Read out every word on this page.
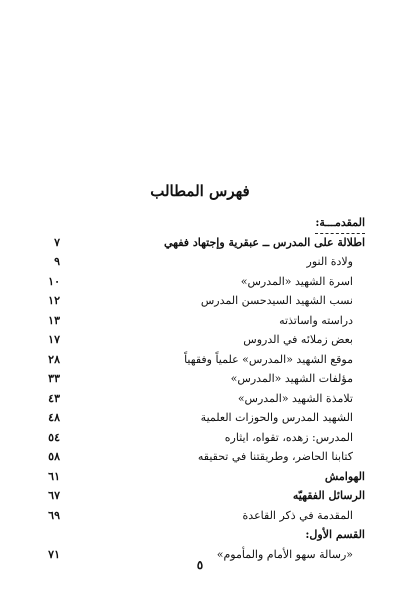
فهرس المطالب
المقدمـــة:
اطلالة على المدرس ــ عبقرية وإجتهاد ففهي
٧
ولادة النور
٩
اسرة الشهيد «المدرس»
١٠
نسب الشهيد السيدحسن المدرس
١٢
دراسته واساتذته
١٣
بعض زملائه في الدروس
١٧
موقع الشهيد «المدرس» علمياً وفقهياً
٢٨
مؤلفات الشهيد «المدرس»
٣٣
تلامذة الشهيد «المدرس»
٤٣
الشهيد المدرس والحوزات العلمية
٤٨
المدرس: زهده، تقواه، ايثاره
٥٤
كتابنا الحاضر، وطريقتنا في تحقيقه
٥٨
الهوامش
٦١
الرسائل الفقهيّه
٦٧
المقدمة في ذكر القاعدة
٦٩
القسم الأول:
«رسالة سهو الأمام والمأموم»
٧١
٥
